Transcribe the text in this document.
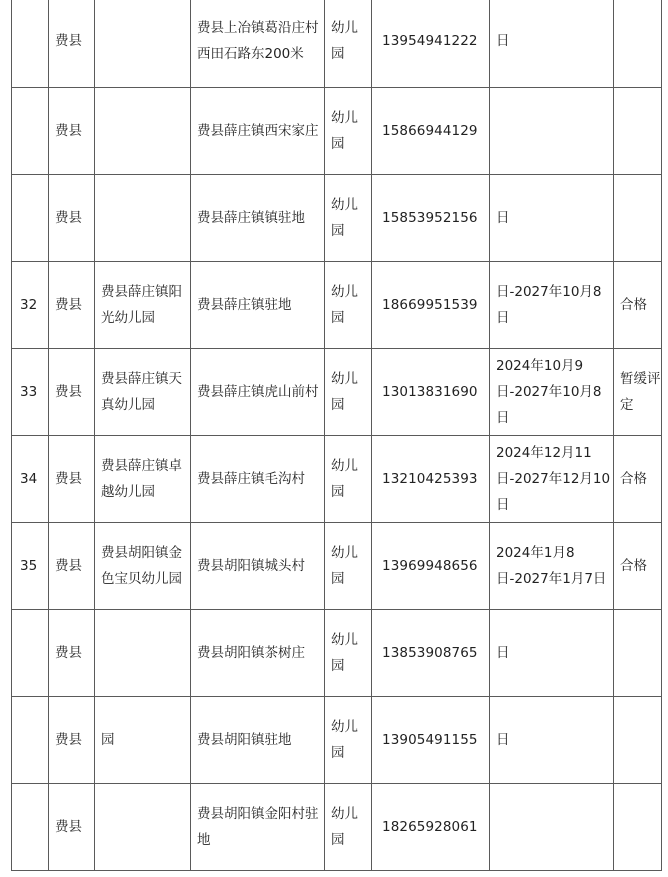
	费县		费县上冶镇葛沿庄村西田石路东200米	幼儿园	13954941222	日	
	费县		费县薛庄镇西宋家庄	幼儿园	15866944129		
	费县		费县薛庄镇镇驻地	幼儿园	15853952156	日	
32	费县	费县薛庄镇阳光幼儿园	费县薛庄镇驻地	幼儿园	18669951539	日-2027年10月8日	合格
33	费县	费县薛庄镇天真幼儿园	费县薛庄镇虎山前村	幼儿园	13013831690	2024年10月9日-2027年10月8日	暂缓评定
34	费县	费县薛庄镇卓越幼儿园	费县薛庄镇毛沟村	幼儿园	13210425393	2024年12月11日-2027年12月10日	合格
35	费县	费县胡阳镇金色宝贝幼儿园	费县胡阳镇城头村	幼儿园	13969948656	2024年1月8日-2027年1月7日	合格
	费县		费县胡阳镇茶树庄	幼儿园	13853908765	日	
	费县	园	费县胡阳镇驻地	幼儿园	13905491155	日	
	费县		费县胡阳镇金阳村驻地	幼儿园	18265928061		
